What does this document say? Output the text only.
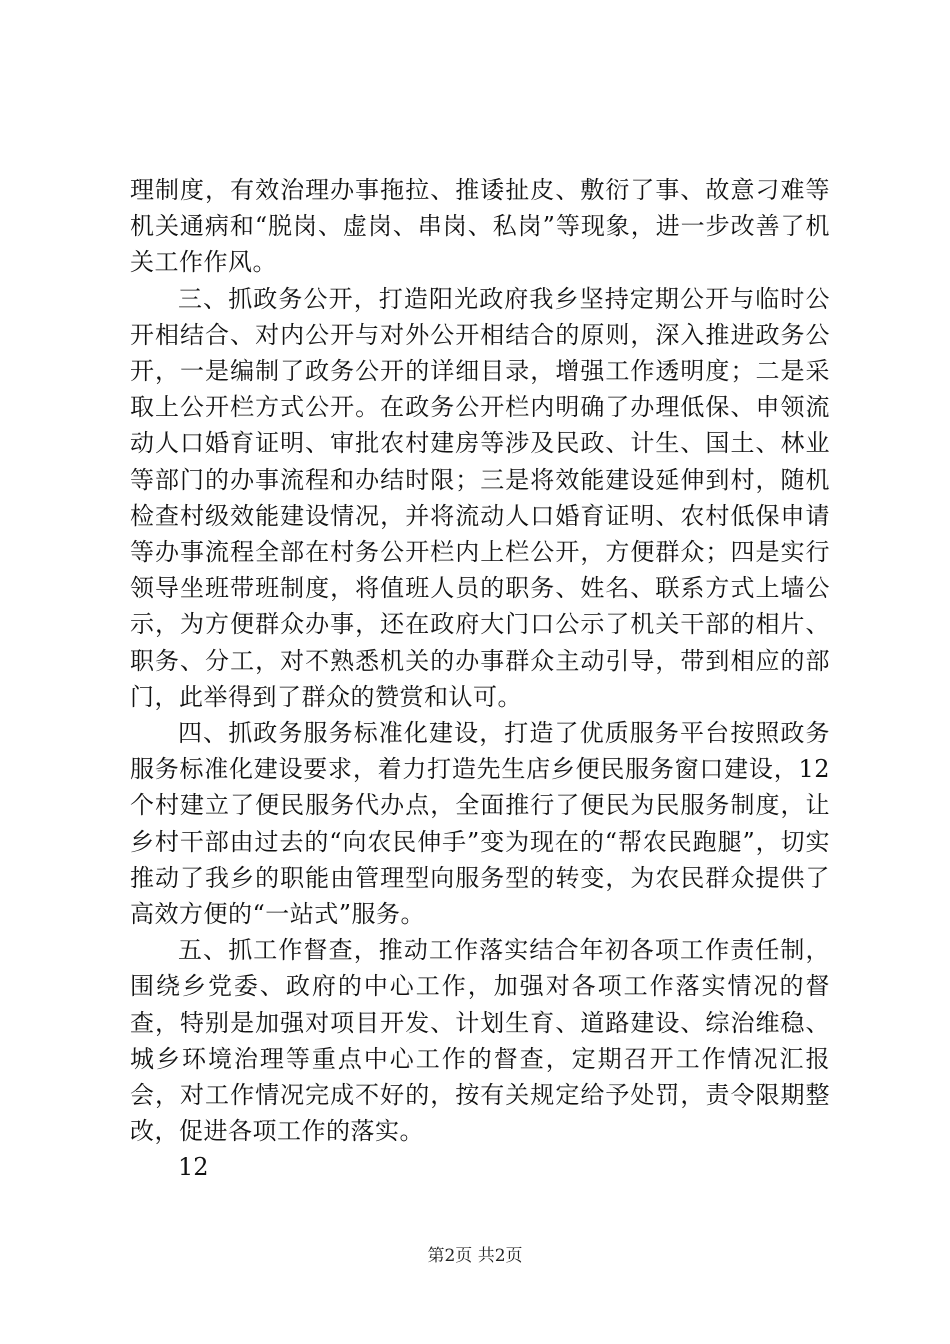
理制度，有效治理办事拖拉、推诿扯皮、敷衍了事、故意刁难等机关通病和“脱岗、虚岗、串岗、私岗”等现象，进一步改善了机关工作作风。

三、抓政务公开，打造阳光政府我乡坚持定期公开与临时公开相结合、对内公开与对外公开相结合的原则，深入推进政务公开，一是编制了政务公开的详细目录，增强工作透明度；二是采取上公开栏方式公开。在政务公开栏内明确了办理低保、申领流动人口婚育证明、审批农村建房等涉及民政、计生、国土、林业等部门的办事流程和办结时限；三是将效能建设延伸到村，随机检查村级效能建设情况，并将流动人口婚育证明、农村低保申请等办事流程全部在村务公开栏内上栏公开，方便群众；四是实行领导坐班带班制度，将值班人员的职务、姓名、联系方式上墙公示，为方便群众办事，还在政府大门口公示了机关干部的相片、职务、分工，对不熟悉机关的办事群众主动引导，带到相应的部门，此举得到了群众的赞赏和认可。

四、抓政务服务标准化建设，打造了优质服务平台按照政务服务标准化建设要求，着力打造先生店乡便民服务窗口建设，12个村建立了便民服务代办点，全面推行了便民为民服务制度，让乡村干部由过去的“向农民伸手”变为现在的“帮农民跑腿”，切实推动了我乡的职能由管理型向服务型的转变，为农民群众提供了高效方便的“一站式”服务。

五、抓工作督查，推动工作落实结合年初各项工作责任制，围绕乡党委、政府的中心工作，加强对各项工作落实情况的督查，特别是加强对项目开发、计划生育、道路建设、综治维稳、城乡环境治理等重点中心工作的督查，定期召开工作情况汇报会，对工作情况完成不好的，按有关规定给予处罚，责令限期整改，促进各项工作的落实。

12

第2页 共2页
